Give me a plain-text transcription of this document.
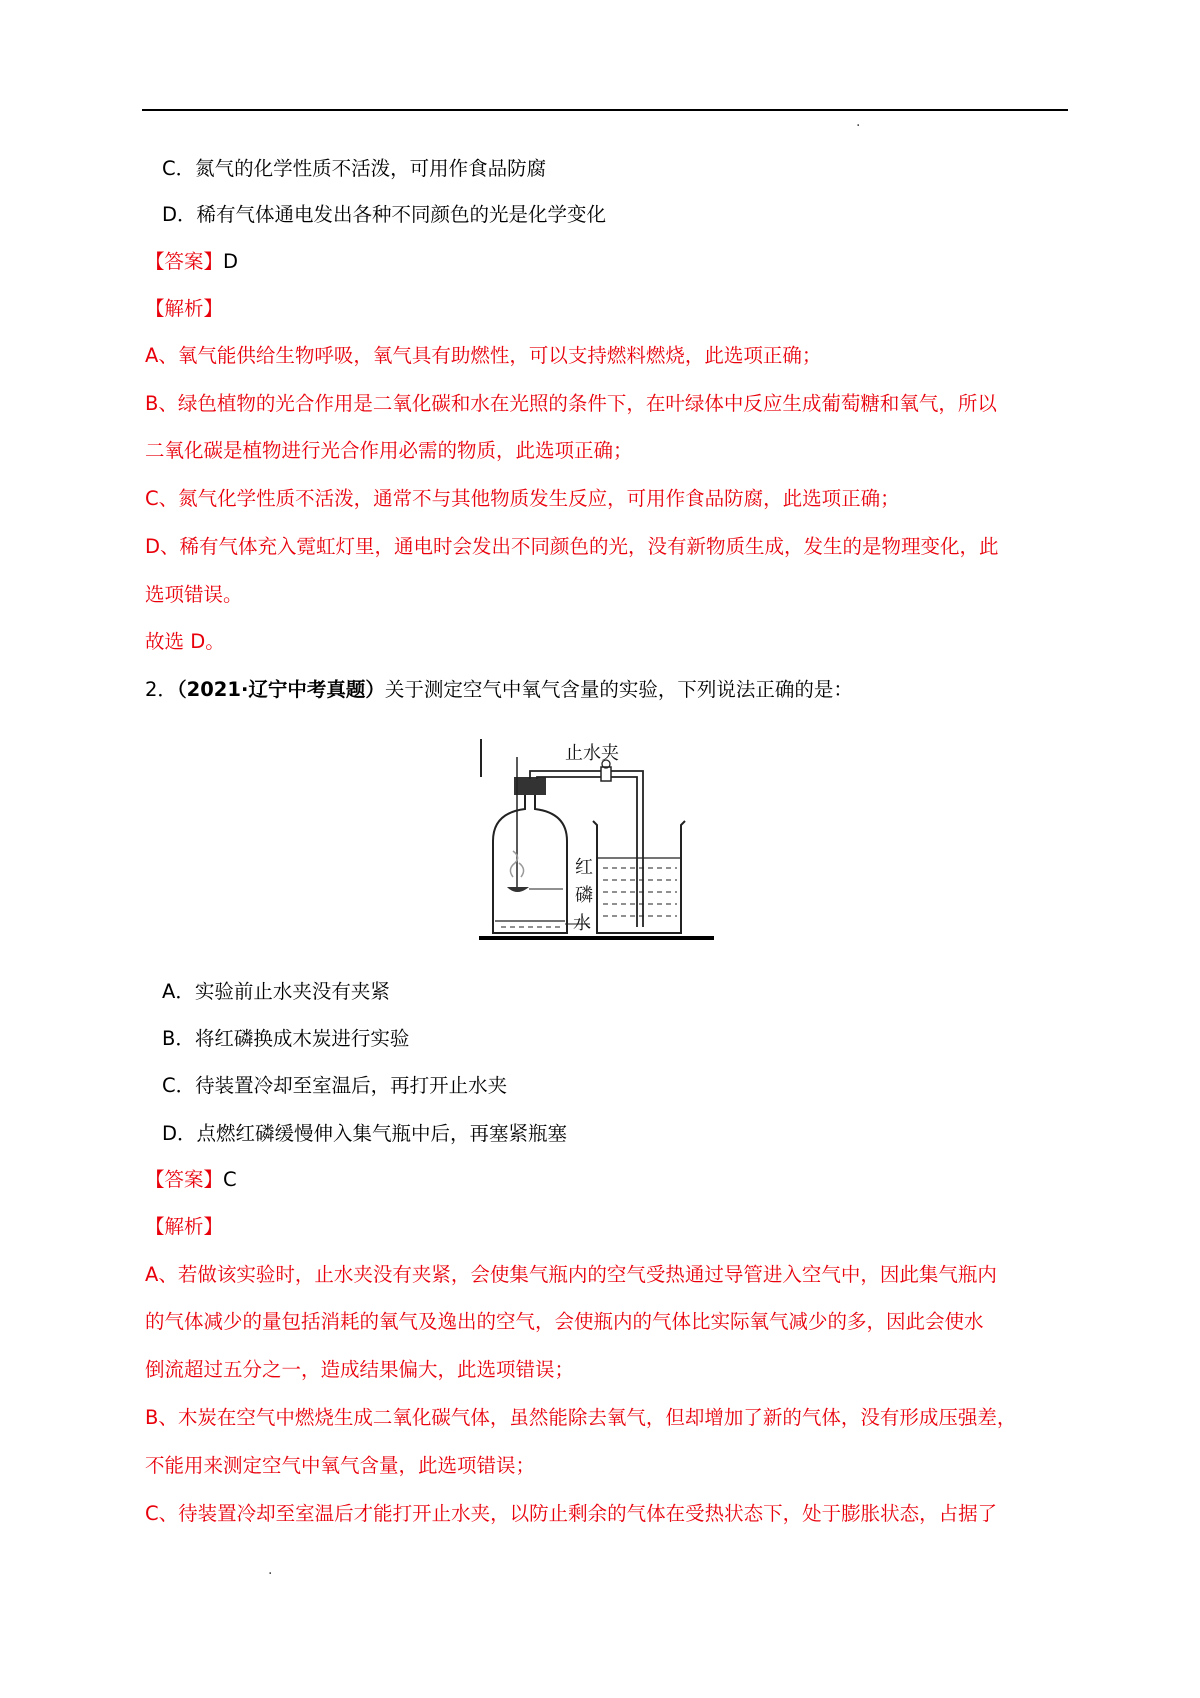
·
C．氮气的化学性质不活泼，可用作食品防腐
D．稀有气体通电发出各种不同颜色的光是化学变化
【答案】D
【解析】
A、氧气能供给生物呼吸，氧气具有助燃性，可以支持燃料燃烧，此选项正确；
B、绿色植物的光合作用是二氧化碳和水在光照的条件下，在叶绿体中反应生成葡萄糖和氧气，所以
二氧化碳是植物进行光合作用必需的物质，此选项正确；
C、氮气化学性质不活泼，通常不与其他物质发生反应，可用作食品防腐，此选项正确；
D、稀有气体充入霓虹灯里，通电时会发出不同颜色的光，没有新物质生成，发生的是物理变化，此
选项错误。
故选 D。
2．（2021·辽宁中考真题）关于测定空气中氧气含量的实验，下列说法正确的是：
止水夹
红
磷
水
A．实验前止水夹没有夹紧
B．将红磷换成木炭进行实验
C．待装置冷却至室温后，再打开止水夹
D．点燃红磷缓慢伸入集气瓶中后，再塞紧瓶塞
【答案】C
【解析】
A、若做该实验时，止水夹没有夹紧，会使集气瓶内的空气受热通过导管进入空气中，因此集气瓶内
的气体减少的量包括消耗的氧气及逸出的空气，会使瓶内的气体比实际氧气减少的多，因此会使水
倒流超过五分之一，造成结果偏大，此选项错误；
B、木炭在空气中燃烧生成二氧化碳气体，虽然能除去氧气，但却增加了新的气体，没有形成压强差，
不能用来测定空气中氧气含量，此选项错误；
C、待装置冷却至室温后才能打开止水夹，以防止剩余的气体在受热状态下，处于膨胀状态，占据了
·
